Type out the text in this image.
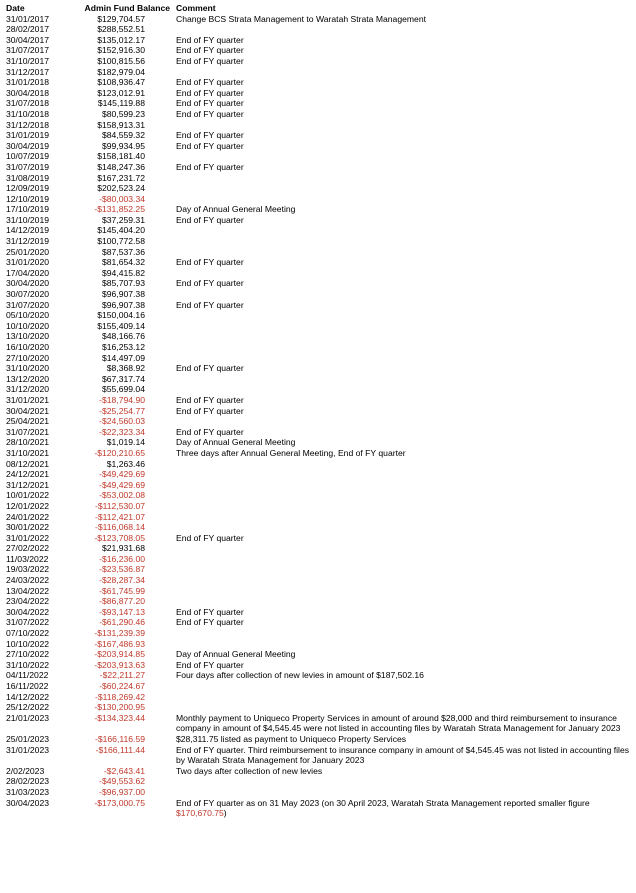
Date	Admin Fund Balance	Comment
31/01/2017	$129,704.57	Change BCS Strata Management to Waratah Strata Management
28/02/2017	$288,552.51	
30/04/2017	$135,012.17	End of FY quarter
31/07/2017	$152,916.30	End of FY quarter
31/10/2017	$100,815.56	End of FY quarter
31/12/2017	$182,979.04	
31/01/2018	$108,936.47	End of FY quarter
30/04/2018	$123,012.91	End of FY quarter
31/07/2018	$145,119.88	End of FY quarter
31/10/2018	$80,599.23	End of FY quarter
31/12/2018	$158,913.31	
31/01/2019	$84,559.32	End of FY quarter
30/04/2019	$99,934.95	End of FY quarter
10/07/2019	$158,181.40	
31/07/2019	$148,247.36	End of FY quarter
31/08/2019	$167,231.72	
12/09/2019	$202,523.24	
12/10/2019	-$80,003.34	
17/10/2019	-$131,852.25	Day of Annual General Meeting
31/10/2019	$37,259.31	End of FY quarter
14/12/2019	$145,404.20	
31/12/2019	$100,772.58	
25/01/2020	$87,537.36	
31/01/2020	$81,654.32	End of FY quarter
17/04/2020	$94,415.82	
30/04/2020	$85,707.93	End of FY quarter
30/07/2020	$96,907.38	
31/07/2020	$96,907.38	End of FY quarter
05/10/2020	$150,004.16	
10/10/2020	$155,409.14	
13/10/2020	$48,166.76	
16/10/2020	$16,253.12	
27/10/2020	$14,497.09	
31/10/2020	$8,368.92	End of FY quarter
13/12/2020	$67,317.74	
31/12/2020	$55,699.04	
31/01/2021	-$18,794.90	End of FY quarter
30/04/2021	-$25,254.77	End of FY quarter
25/04/2021	-$24,560.03	
31/07/2021	-$22,323.34	End of FY quarter
28/10/2021	$1,019.14	Day of Annual General Meeting
31/10/2021	-$120,210.65	Three days after Annual General Meeting, End of FY quarter
08/12/2021	$1,263.46	
24/12/2021	-$49,429.69	
31/12/2021	-$49,429.69	
10/01/2022	-$53,002.08	
12/01/2022	-$112,530.07	
24/01/2022	-$112,421.07	
30/01/2022	-$116,068.14	
31/01/2022	-$123,708.05	End of FY quarter
27/02/2022	$21,931.68	
11/03/2022	-$16,236.00	
19/03/2022	-$23,536.87	
24/03/2022	-$28,287.34	
13/04/2022	-$61,745.99	
23/04/2022	-$86,877.20	
30/04/2022	-$93,147.13	End of FY quarter
31/07/2022	-$61,290.46	End of FY quarter
07/10/2022	-$131,239.39	
10/10/2022	-$167,486.93	
27/10/2022	-$203,914.85	Day of Annual General Meeting
31/10/2022	-$203,913.63	End of FY quarter
04/11/2022	-$22,211.27	Four days after collection of new levies in amount of $187,502.16
16/11/2022	-$60,224.67	
14/12/2022	-$118,269.42	
25/12/2022	-$130,200.95	
21/01/2023	-$134,323.44	Monthly payment to Uniqueco Property Services in amount of around $28,000 and third reimbursement to insurance company in amount of $4,545.45 were not listed in accounting files by Waratah Strata Management for January 2023
25/01/2023	-$166,116.59	$28,311.75 listed as payment to Uniqueco Property Services
31/01/2023	-$166,111.44	End of FY quarter. Third reimbursement to insurance company in amount of $4,545.45 was not listed in accounting files by Waratah Strata Management for January 2023
2/02/2023	-$2,643.41	Two days after collection of new levies
28/02/2023	-$49,553.62	
31/03/2023	-$96,937.00	
30/04/2023	-$173,000.75	End of FY quarter as on 31 May 2023 (on 30 April 2023, Waratah Strata Management reported smaller figure $170,670.75)
